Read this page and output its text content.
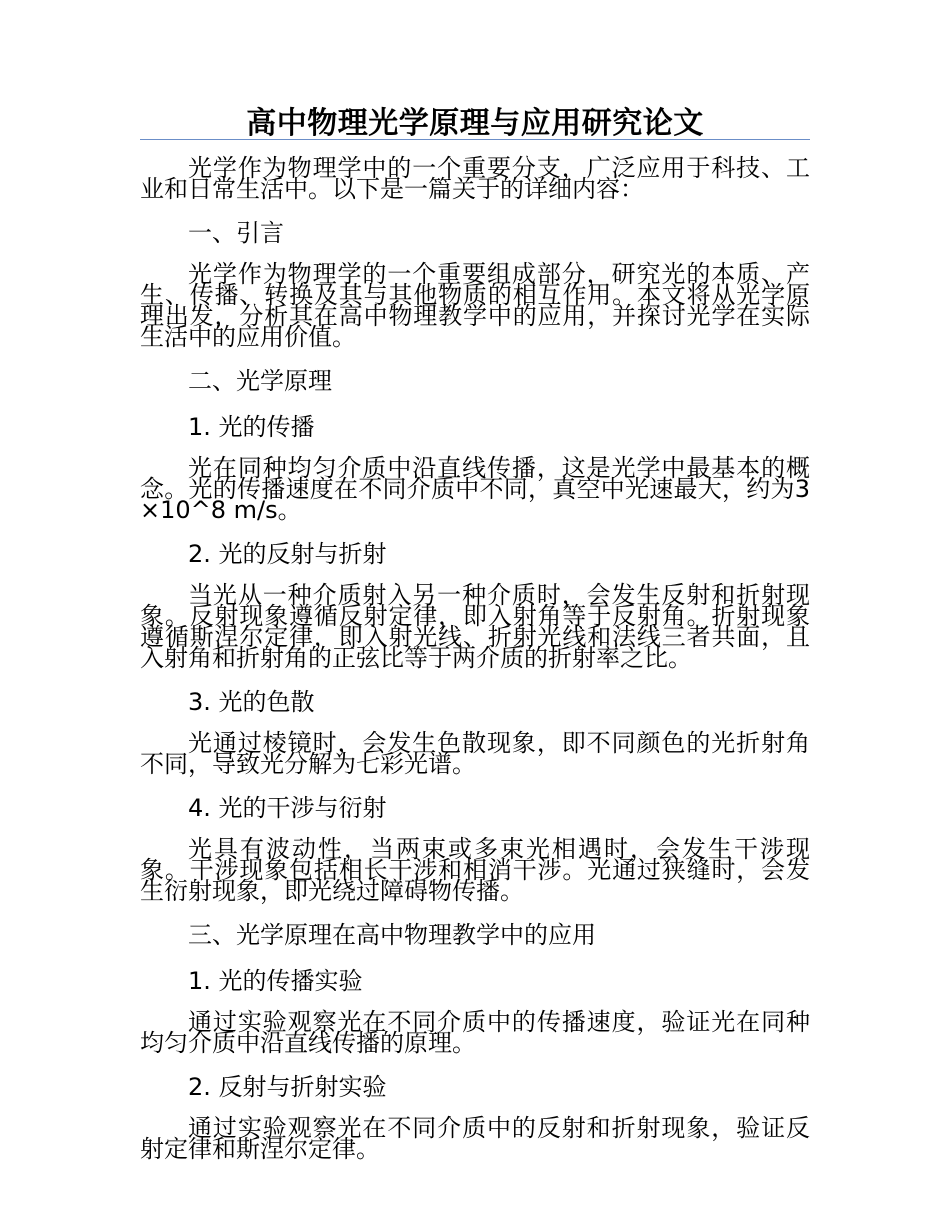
高中物理光学原理与应用研究论文

光学作为物理学中的一个重要分支，广泛应用于科技、工业和日常生活中。以下是一篇关于的详细内容：

一、引言

光学作为物理学的一个重要组成部分，研究光的本质、产生、传播、转换及其与其他物质的相互作用。本文将从光学原理出发，分析其在高中物理教学中的应用，并探讨光学在实际生活中的应用价值。

二、光学原理
1. 光的传播

光在同种均匀介质中沿直线传播，这是光学中最基本的概念。光的传播速度在不同介质中不同，真空中光速最大，约为3×10^8 m/s。

2. 光的反射与折射

当光从一种介质射入另一种介质时，会发生反射和折射现象。反射现象遵循反射定律，即入射角等于反射角。折射现象遵循斯涅尔定律，即入射光线、折射光线和法线三者共面，且入射角和折射角的正弦比等于两介质的折射率之比。

3. 光的色散

光通过棱镜时，会发生色散现象，即不同颜色的光折射角不同，导致光分解为七彩光谱。

4. 光的干涉与衍射

光具有波动性，当两束或多束光相遇时，会发生干涉现象。干涉现象包括相长干涉和相消干涉。光通过狭缝时，会发生衍射现象，即光绕过障碍物传播。

三、光学原理在高中物理教学中的应用
1. 光的传播实验

通过实验观察光在不同介质中的传播速度，验证光在同种均匀介质中沿直线传播的原理。

2. 反射与折射实验

通过实验观察光在不同介质中的反射和折射现象，验证反射定律和斯涅尔定律。
